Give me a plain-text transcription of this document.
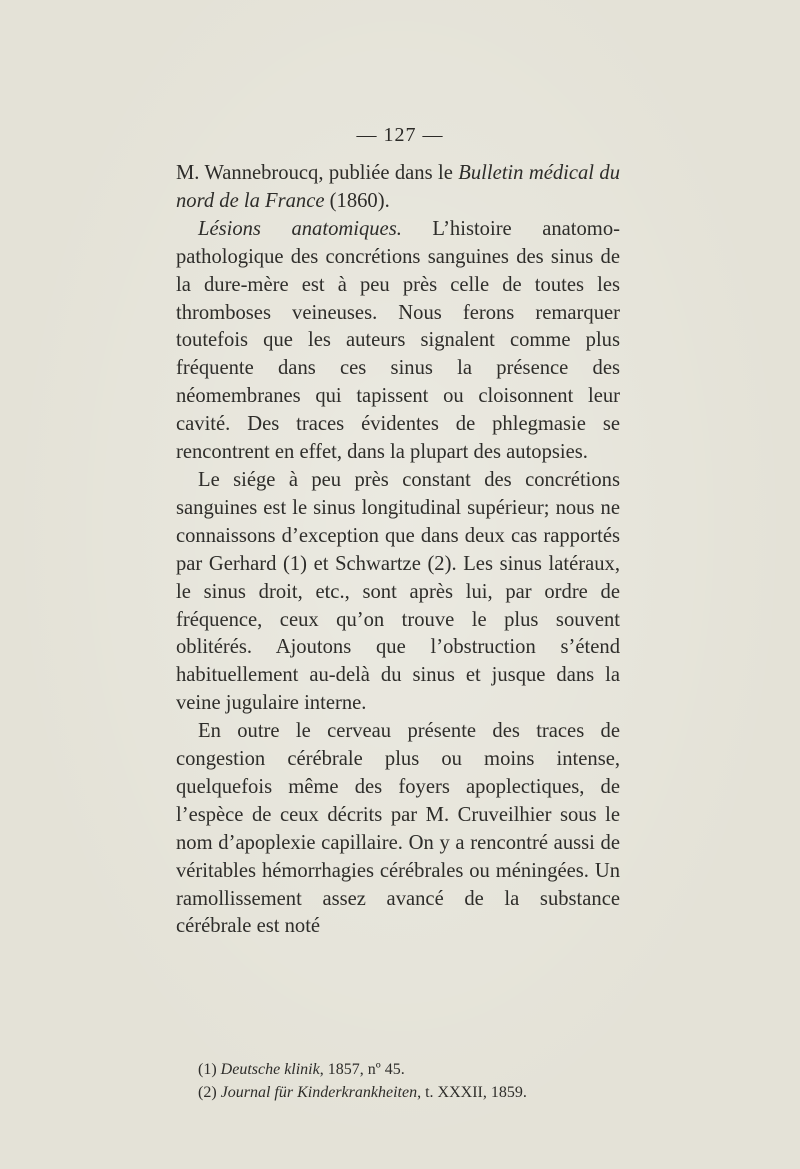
— 127 —

M. Wannebroucq, publiée dans le Bulletin médical du nord de la France (1860).

Lésions anatomiques. L’histoire anatomo-pathologique des concrétions sanguines des sinus de la dure-mère est à peu près celle de toutes les thromboses veineuses. Nous ferons remarquer toutefois que les auteurs signalent comme plus fréquente dans ces sinus la présence des néomembranes qui tapissent ou cloisonnent leur cavité. Des traces évidentes de phlegmasie se rencontrent en effet, dans la plupart des autopsies.

Le siége à peu près constant des concrétions sanguines est le sinus longitudinal supérieur; nous ne connaissons d’exception que dans deux cas rapportés par Gerhard (1) et Schwartze (2). Les sinus latéraux, le sinus droit, etc., sont après lui, par ordre de fréquence, ceux qu’on trouve le plus souvent oblitérés. Ajoutons que l’obstruction s’étend habituellement au-delà du sinus et jusque dans la veine jugulaire interne.

En outre le cerveau présente des traces de congestion cérébrale plus ou moins intense, quelquefois même des foyers apoplectiques, de l’espèce de ceux décrits par M. Cruveilhier sous le nom d’apoplexie capillaire. On y a rencontré aussi de véritables hémorrhagies cérébrales ou méningées. Un ramollissement assez avancé de la substance cérébrale est noté

(1) Deutsche klinik, 1857, nº 45.

(2) Journal für Kinderkrankheiten, t. XXXII, 1859.
